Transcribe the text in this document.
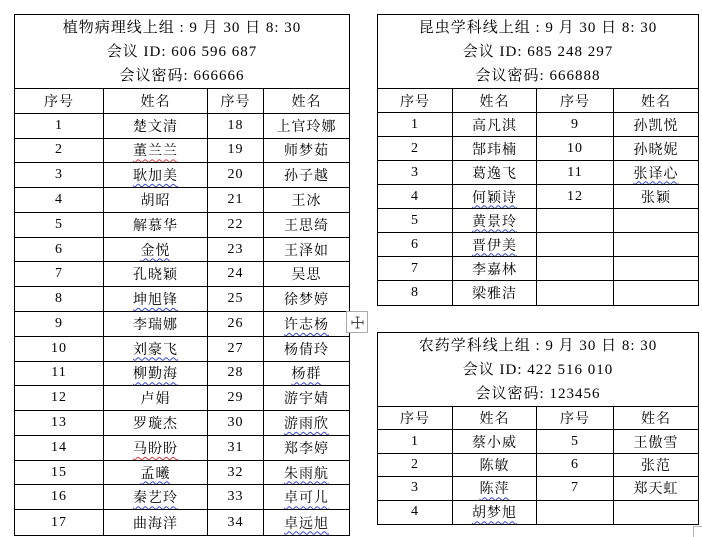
植物病理线上组 : 9 月 30 日 8: 30
会议 ID: 606 596 687
会议密码: 666666
序号	姓名	序号	姓名
1	楚文清	18	上官玲娜
2	董兰兰	19	师梦茹
3	耿加美	20	孙子越
4	胡昭	21	王冰
5	解慕华	22	王思绮
6	金悦	23	王泽如
7	孔晓颖	24	吴思
8	坤旭锋	25	徐梦婷
9	李瑞娜	26	许志杨
10	刘豪飞	27	杨倩玲
11	柳勤海	28	杨群
12	卢娟	29	游宇婧
13	罗璇杰	30	游雨欣
14	马盼盼	31	郑李婷
15	孟曦	32	朱雨航
16	秦艺玲	33	卓可儿
17	曲海洋	34	卓远旭
昆虫学科线上组 : 9 月 30 日 8: 30
会议 ID: 685 248 297
会议密码: 666888
序号	姓名	序号	姓名
1	高凡淇	9	孙凯悦
2	郜玮楠	10	孙晓妮
3	葛逸飞	11	张译心
4	何颖诗	12	张颖
5	黄景玲
6	晋伊美
7	李嘉林
8	梁雅洁
农药学科线上组 : 9 月 30 日 8: 30
会议 ID: 422 516 010
会议密码: 123456
序号	姓名	序号	姓名
1	蔡小威	5	王傲雪
2	陈敏	6	张范
3	陈萍	7	郑天虹
4	胡梦旭
